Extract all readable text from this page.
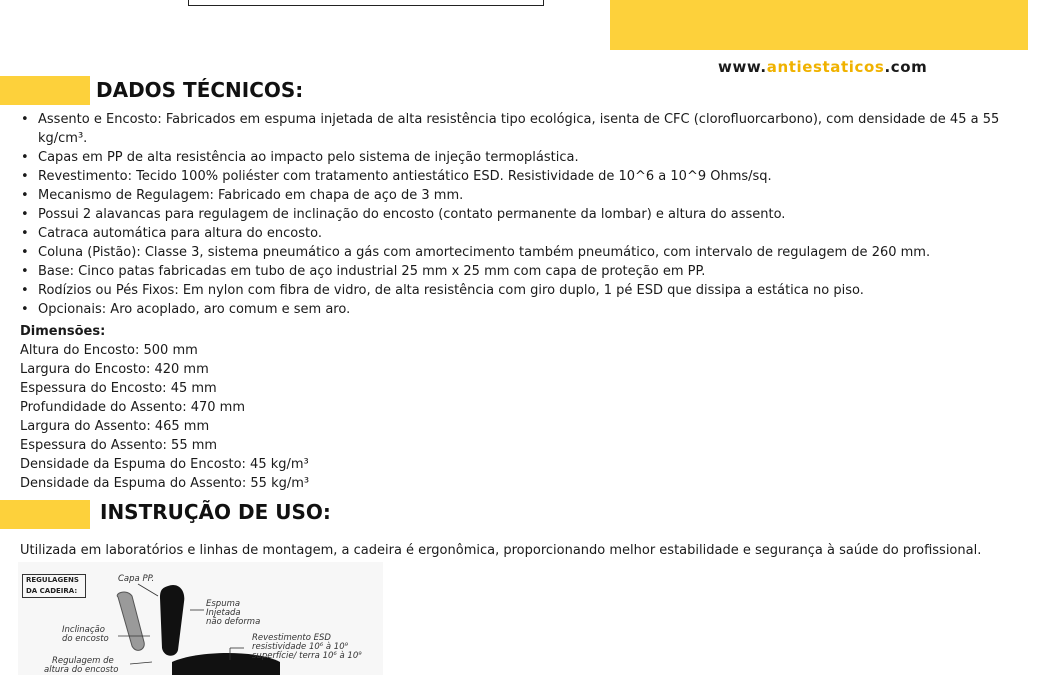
www.antiestaticos.com
DADOS TÉCNICOS:
• Assento e Encosto: Fabricados em espuma injetada de alta resistência tipo ecológica, isenta de CFC (clorofluorcarbono), com densidade de 45 a 55 kg/cm³.
• Capas em PP de alta resistência ao impacto pelo sistema de injeção termoplástica.
• Revestimento: Tecido 100% poliéster com tratamento antiestático ESD. Resistividade de 10^6 a 10^9 Ohms/sq.
• Mecanismo de Regulagem: Fabricado em chapa de aço de 3 mm.
• Possui 2 alavancas para regulagem de inclinação do encosto (contato permanente da lombar) e altura do assento.
• Catraca automática para altura do encosto.
• Coluna (Pistão): Classe 3, sistema pneumático a gás com amortecimento também pneumático, com intervalo de regulagem de 260 mm.
• Base: Cinco patas fabricadas em tubo de aço industrial 25 mm x 25 mm com capa de proteção em PP.
• Rodízios ou Pés Fixos: Em nylon com fibra de vidro, de alta resistência com giro duplo, 1 pé ESD que dissipa a estática no piso.
• Opcionais: Aro acoplado, aro comum e sem aro.
Dimensões:
Altura do Encosto: 500 mm
Largura do Encosto: 420 mm
Espessura do Encosto: 45 mm
Profundidade do Assento: 470 mm
Largura do Assento: 465 mm
Espessura do Assento: 55 mm
Densidade da Espuma do Encosto: 45 kg/m³
Densidade da Espuma do Assento: 55 kg/m³
INSTRUÇÃO DE USO:
Utilizada em laboratórios e linhas de montagem, a cadeira é ergonômica, proporcionando melhor estabilidade e segurança à saúde do profissional.
REGULAGENS
DA CADEIRA:
Capa PP.
Espuma
Injetada
não deforma
Revestimento ESD
resistividade 10⁶ à 10⁹
superfície/ terra 10⁶ à 10⁹
Inclinação
do encosto
Regulagem de
altura do encosto
